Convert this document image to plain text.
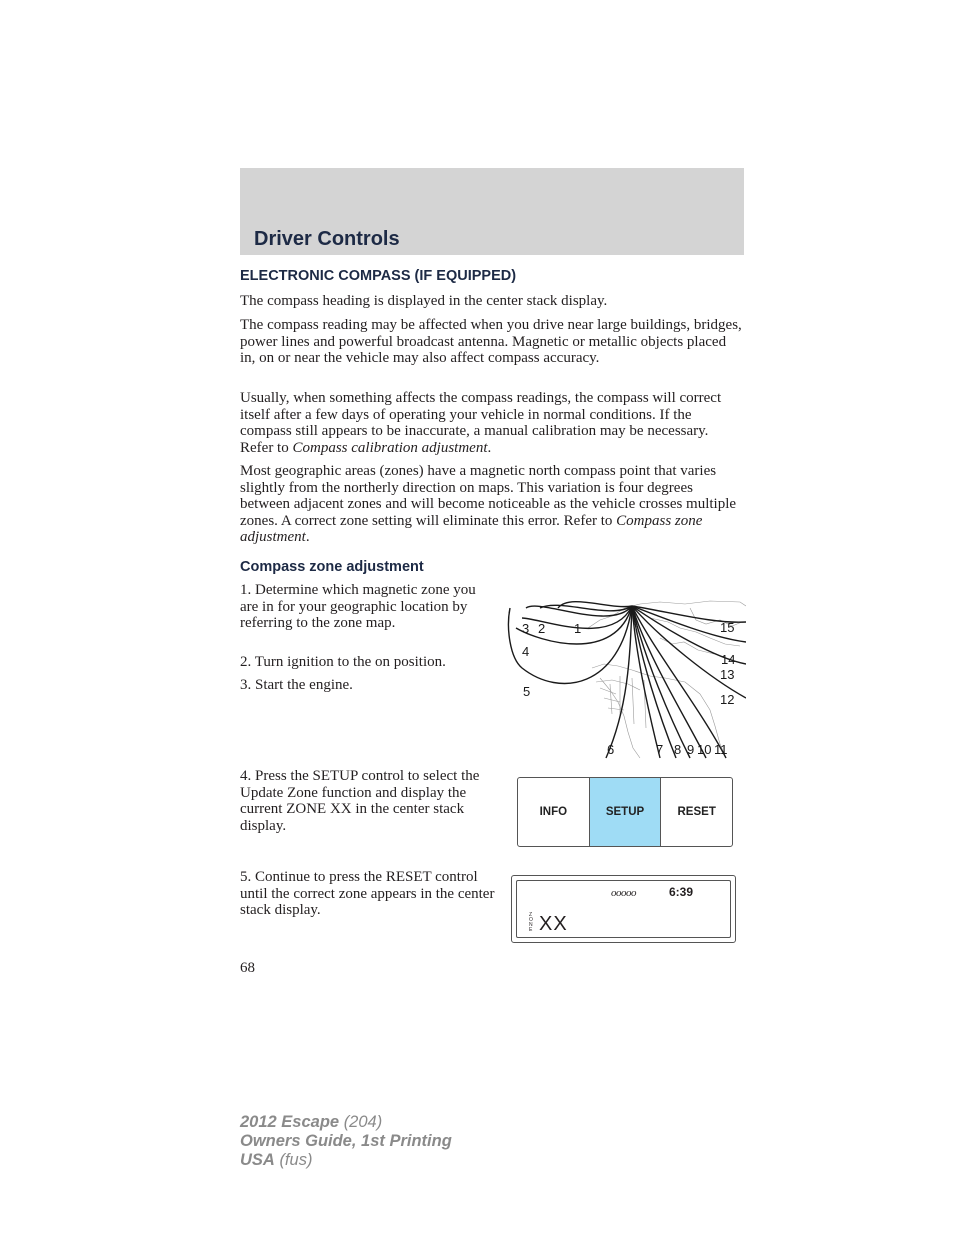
Driver Controls
ELECTRONIC COMPASS (IF EQUIPPED)

The compass heading is displayed in the center stack display.

The compass reading may be affected when you drive near large buildings, bridges, power lines and powerful broadcast antenna. Magnetic or metallic objects placed in, on or near the vehicle may also affect compass accuracy.

Usually, when something affects the compass readings, the compass will correct itself after a few days of operating your vehicle in normal conditions. If the compass still appears to be inaccurate, a manual calibration may be necessary. Refer to Compass calibration adjustment.

Most geographic areas (zones) have a magnetic north compass point that varies slightly from the northerly direction on maps. This variation is four degrees between adjacent zones and will become noticeable as the vehicle crosses multiple zones. A correct zone setting will eliminate this error. Refer to Compass zone adjustment.

Compass zone adjustment

1. Determine which magnetic zone you are in for your geographic location by referring to the zone map.

2. Turn ignition to the on position.

3. Start the engine.

4. Press the SETUP control to select the Update Zone function and display the current ZONE XX in the center stack display.

5. Continue to press the RESET control until the correct zone appears in the center stack display.

1
2
3
4
5
6	7 8 9 10 11
12
13
14
15
INFO	SETUP	RESET
ooooo	6:39
ZONE XX
68
2012 Escape (204)
Owners Guide, 1st Printing
USA (fus)
